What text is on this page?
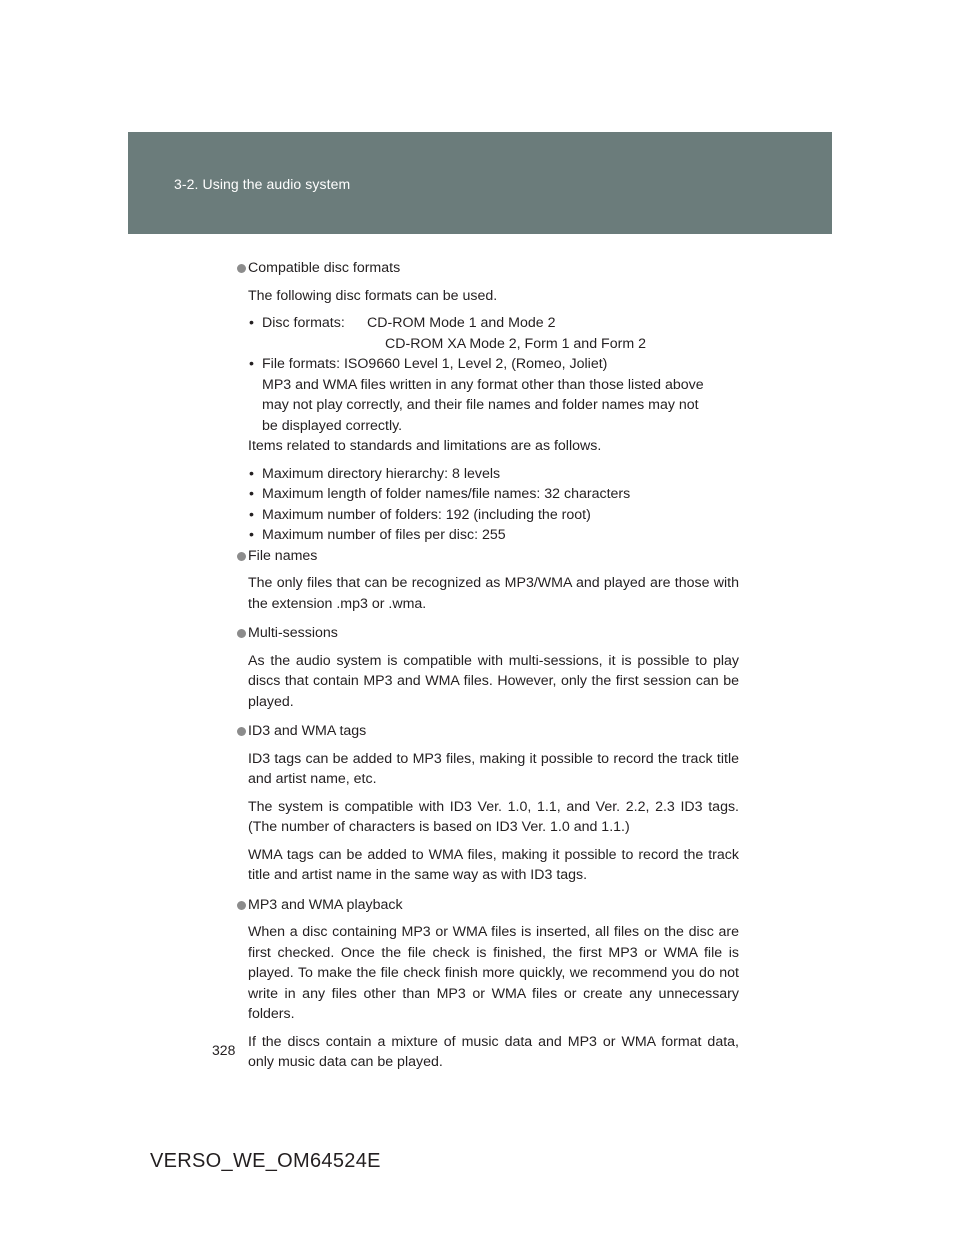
3-2. Using the audio system
Compatible disc formats
The following disc formats can be used.
• Disc formats:	CD-ROM Mode 1 and Mode 2
CD-ROM XA Mode 2, Form 1 and Form 2
• File formats: ISO9660 Level 1, Level 2, (Romeo, Joliet)
MP3 and WMA files written in any format other than those listed above
may not play correctly, and their file names and folder names may not
be displayed correctly.
Items related to standards and limitations are as follows.
• Maximum directory hierarchy: 8 levels
• Maximum length of folder names/file names: 32 characters
• Maximum number of folders: 192 (including the root)
• Maximum number of files per disc: 255
File names
The only files that can be recognized as MP3/WMA and played are those with the extension .mp3 or .wma.
Multi-sessions
As the audio system is compatible with multi-sessions, it is possible to play discs that contain MP3 and WMA files. However, only the first session can be played.
ID3 and WMA tags
ID3 tags can be added to MP3 files, making it possible to record the track title and artist name, etc.
The system is compatible with ID3 Ver. 1.0, 1.1, and Ver. 2.2, 2.3 ID3 tags. (The number of characters is based on ID3 Ver. 1.0 and 1.1.)
WMA tags can be added to WMA files, making it possible to record the track title and artist name in the same way as with ID3 tags.
MP3 and WMA playback
When a disc containing MP3 or WMA files is inserted, all files on the disc are first checked. Once the file check is finished, the first MP3 or WMA file is played. To make the file check finish more quickly, we recommend you do not write in any files other than MP3 or WMA files or create any unnecessary folders.
If the discs contain a mixture of music data and MP3 or WMA format data, only music data can be played.
328
VERSO_WE_OM64524E
